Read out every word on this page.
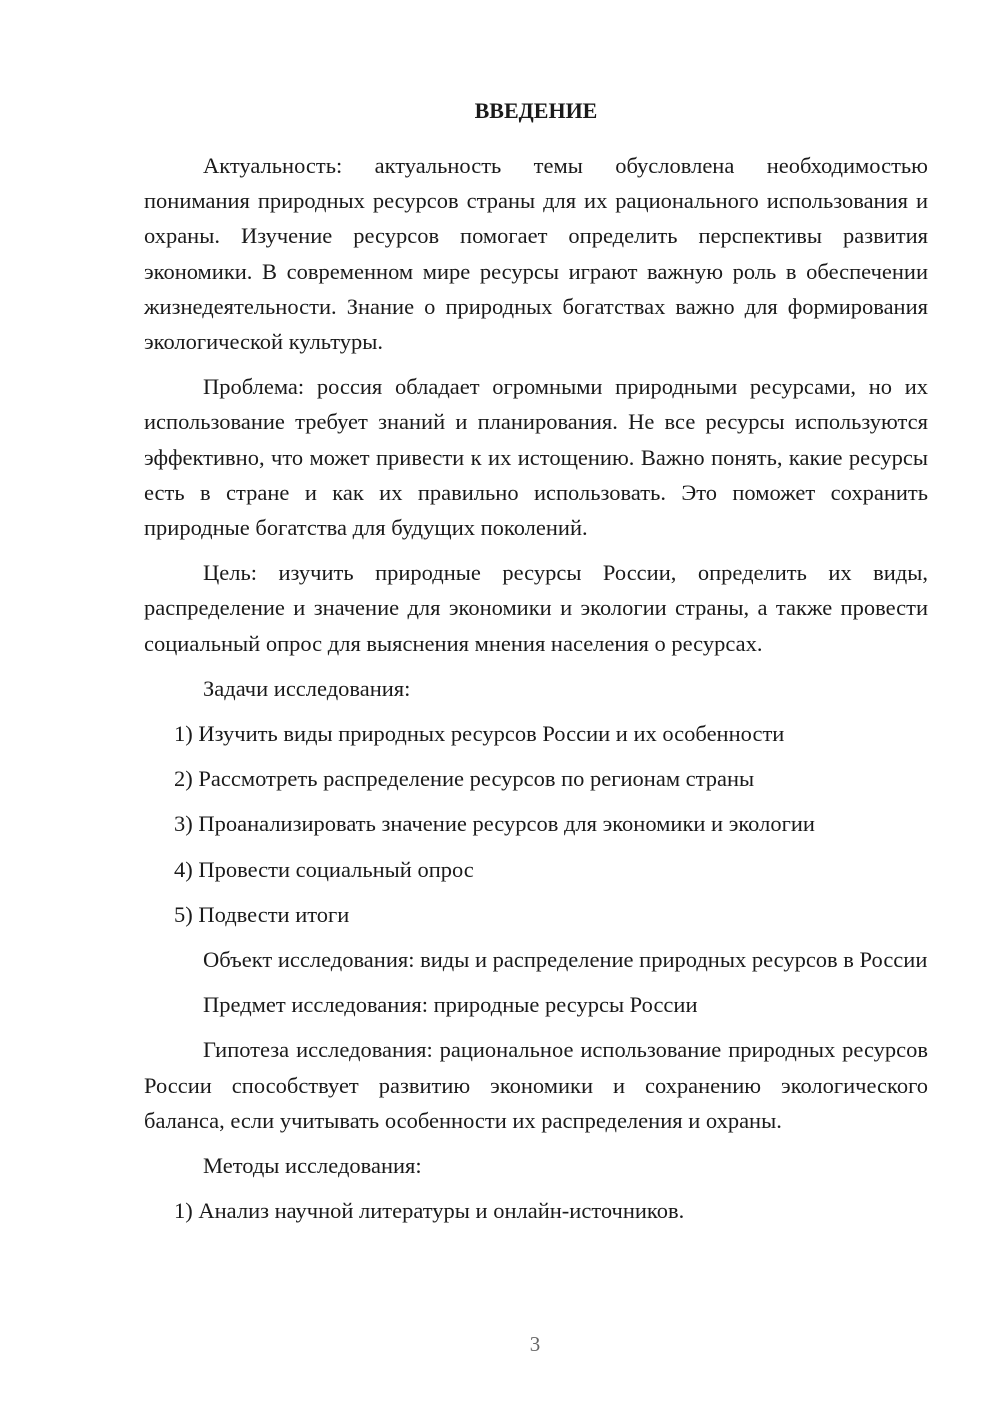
ВВЕДЕНИЕ

Актуальность: актуальность темы обусловлена необходимостью понимания природных ресурсов страны для их рационального использования и охраны. Изучение ресурсов помогает определить перспективы развития экономики. В современном мире ресурсы играют важную роль в обеспечении жизнедеятельности. Знание о природных богатствах важно для формирования экологической культуры.

Проблема: россия обладает огромными природными ресурсами, но их использование требует знаний и планирования. Не все ресурсы используются эффективно, что может привести к их истощению. Важно понять, какие ресурсы есть в стране и как их правильно использовать. Это поможет сохранить природные богатства для будущих поколений.

Цель: изучить природные ресурсы России, определить их виды, распределение и значение для экономики и экологии страны, а также провести социальный опрос для выяснения мнения населения о ресурсах.

Задачи исследования:

1) Изучить виды природных ресурсов России и их особенности
2) Рассмотреть распределение ресурсов по регионам страны
3) Проанализировать значение ресурсов для экономики и экологии
4) Провести социальный опрос
5) Подвести итоги

Объект исследования: виды и распределение природных ресурсов в России

Предмет исследования: природные ресурсы России

Гипотеза исследования: рациональное использование природных ресурсов России способствует развитию экономики и сохранению экологического баланса, если учитывать особенности их распределения и охраны.

Методы исследования:

1) Анализ научной литературы и онлайн-источников.
3
